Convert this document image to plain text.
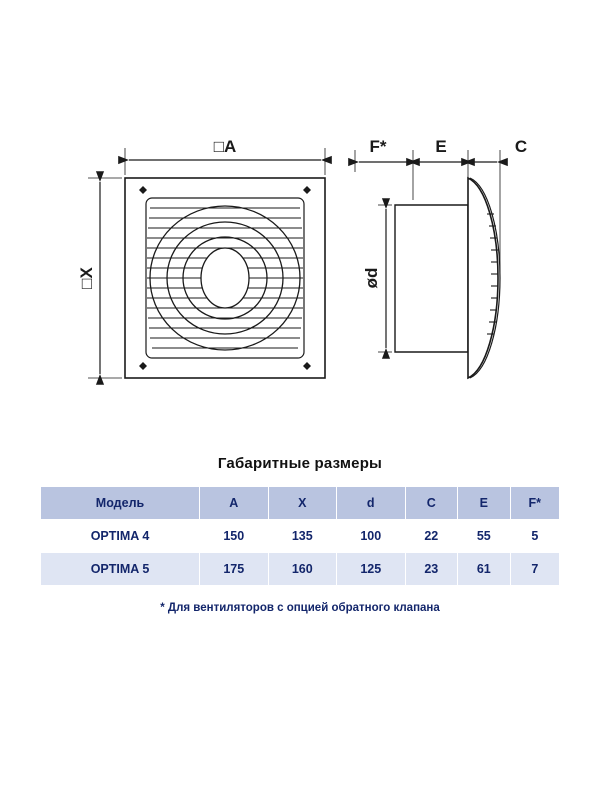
□A
□X	ød
F*	E	C
Габаритные размеры
Модель	A	X	d	C	E	F*
OPTIMA 4	150	135	100	22	55	5
OPTIMA 5	175	160	125	23	61	7
* Для вентиляторов с опцией обратного клапана
